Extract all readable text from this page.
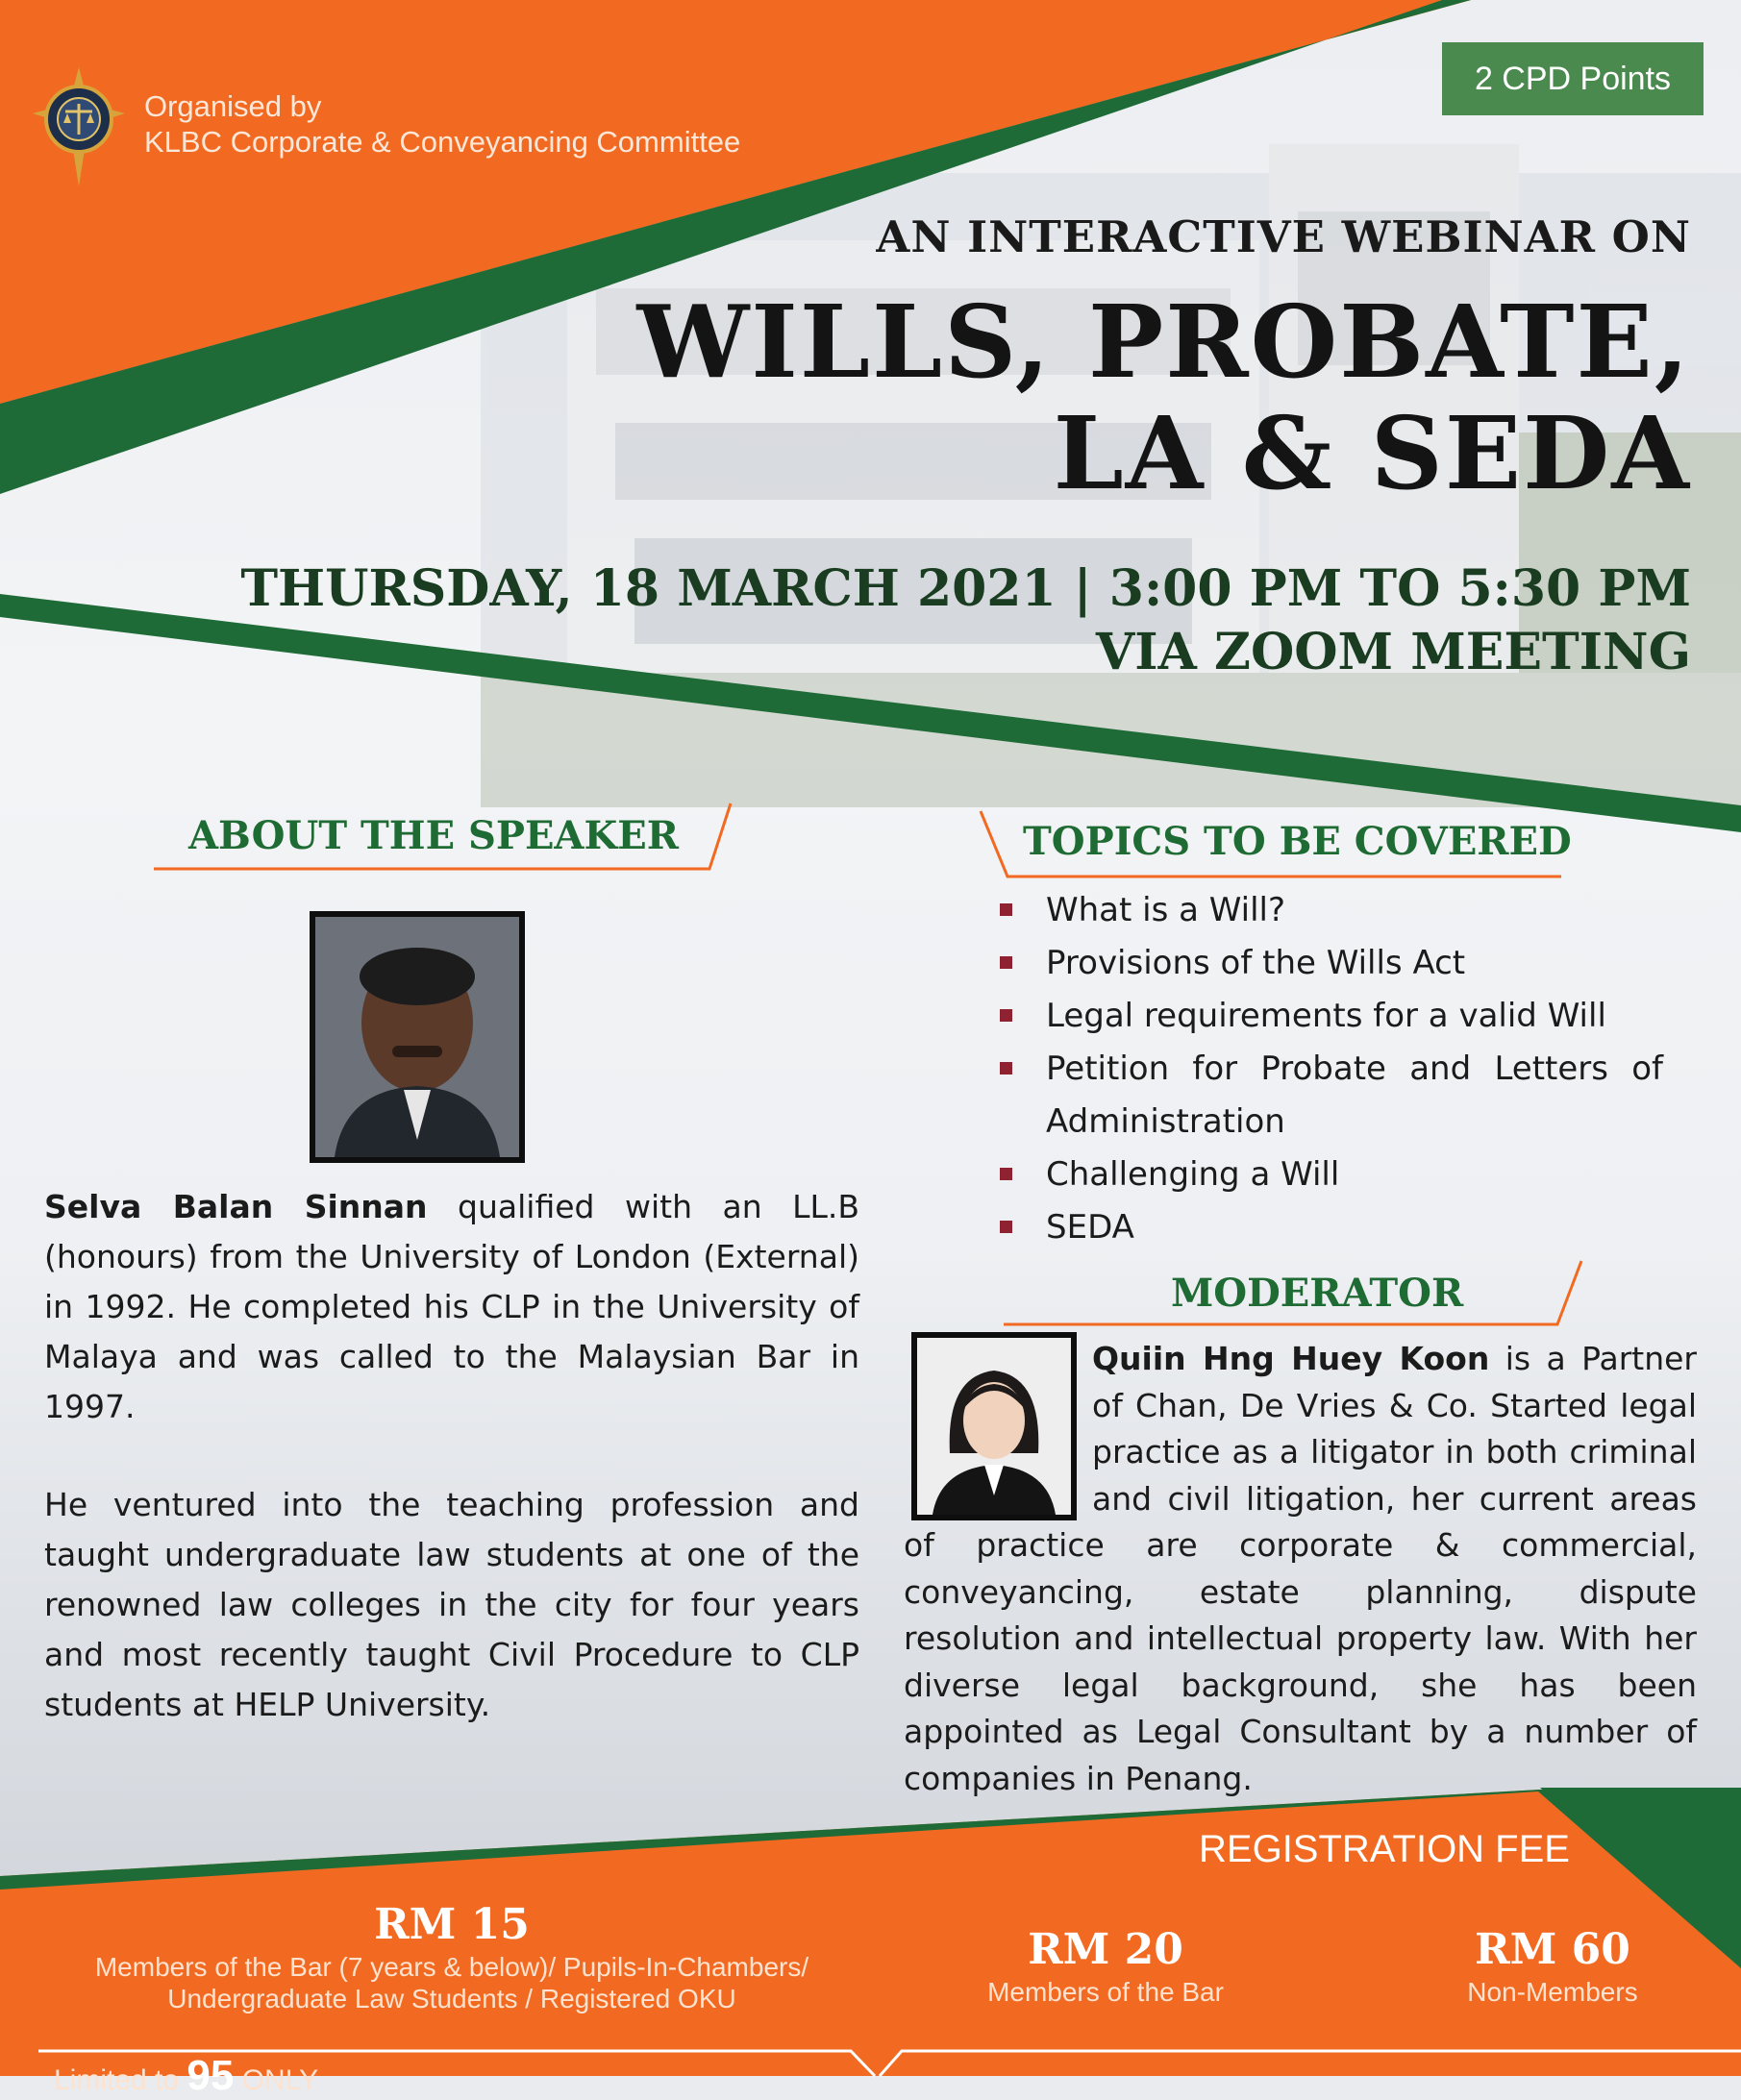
Organised by
KLBC Corporate & Conveyancing Committee
2 CPD Points
AN INTERACTIVE WEBINAR ON
WILLS, PROBATE,
LA & SEDA
THURSDAY, 18 MARCH 2021 | 3:00 PM TO 5:30 PM
VIA ZOOM MEETING
ABOUT THE SPEAKER
Selva Balan Sinnan qualified with an LL.B (honours) from the University of London (External) in 1992. He completed his CLP in the University of Malaya and was called to the Malaysian Bar in 1997.
He ventured into the teaching profession and taught undergraduate law students at one of the renowned law colleges in the city for four years and most recently taught Civil Procedure to CLP students at HELP University.
TOPICS TO BE COVERED
What is a Will?
Provisions of the Wills Act
Legal requirements for a valid Will
Petition for Probate and Letters of Administration
Challenging a Will
SEDA
MODERATOR
Quiin Hng Huey Koon is a Partner of Chan, De Vries & Co. Started legal practice as a litigator in both criminal and civil litigation, her current areas of practice are corporate & commercial, conveyancing, estate planning, dispute resolution and intellectual property law. With her diverse legal background, she has been appointed as Legal Consultant by a number of companies in Penang.
REGISTRATION FEE
RM 15
Members of the Bar (7 years & below)/ Pupils-In-Chambers/ Undergraduate Law Students / Registered OKU
RM 20
Members of the Bar
RM 60
Non-Members
Limited to 95 ONLY
